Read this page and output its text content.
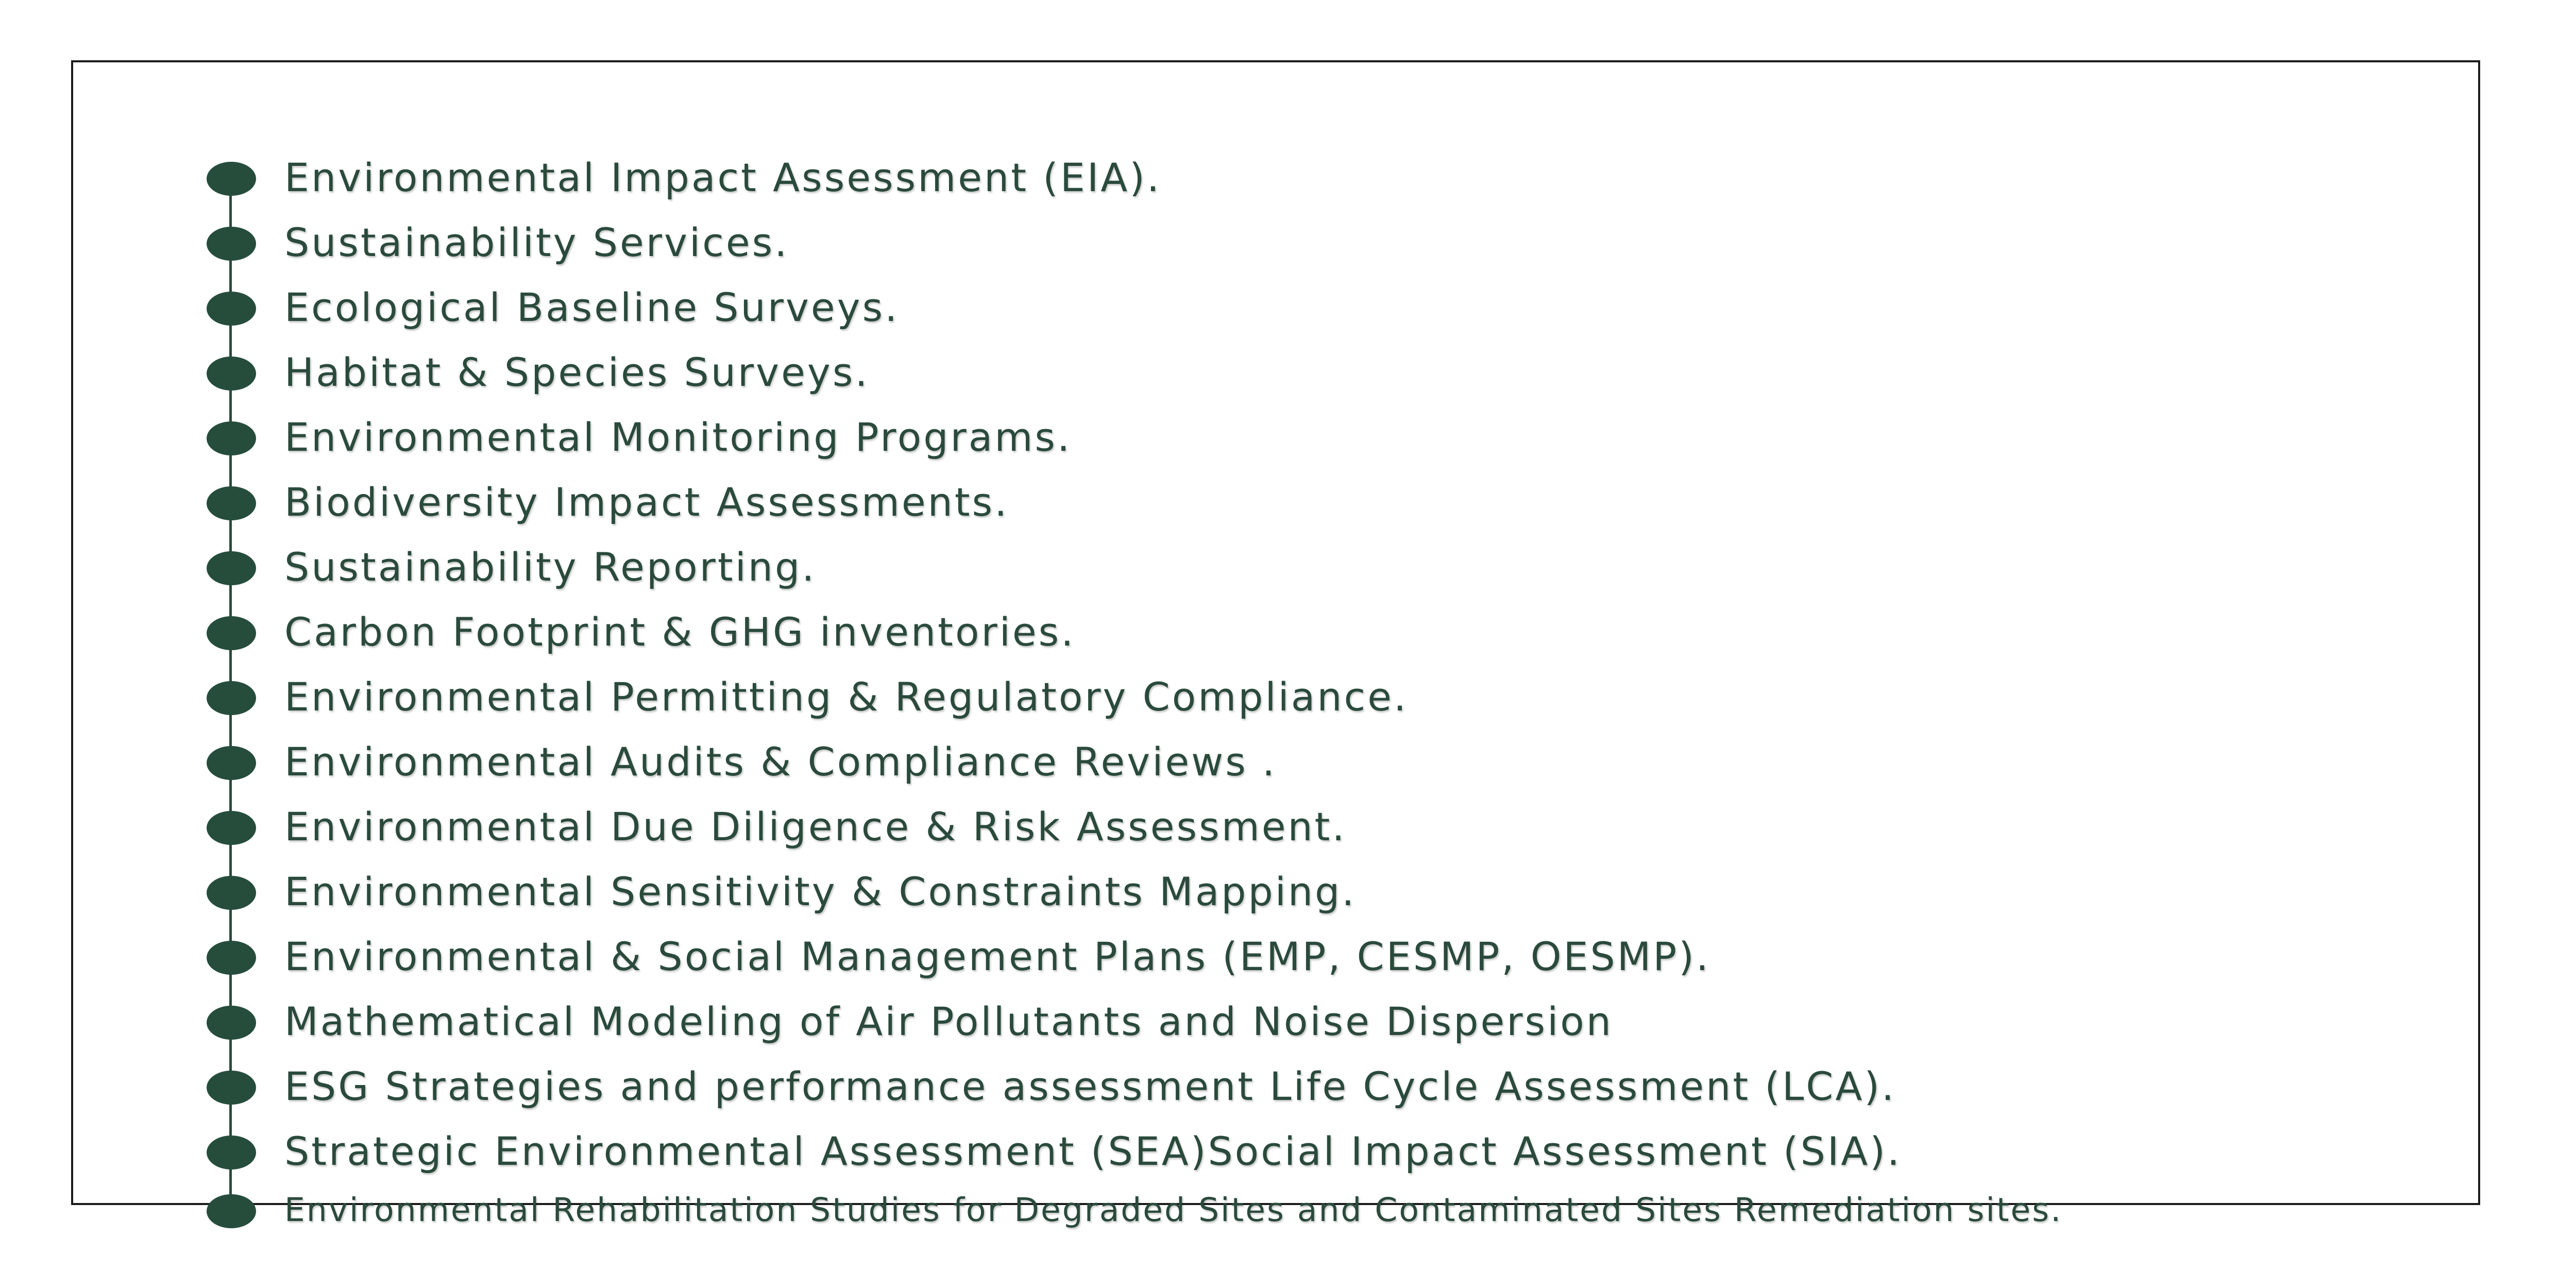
Environmental Impact Assessment (EIA).
Sustainability Services.
Ecological Baseline Surveys.
Habitat & Species Surveys.
Environmental Monitoring Programs.
Biodiversity Impact Assessments.
Sustainability Reporting.
Carbon Footprint & GHG inventories.
Environmental Permitting & Regulatory Compliance.
Environmental Audits & Compliance Reviews .
Environmental Due Diligence & Risk Assessment.
Environmental Sensitivity & Constraints Mapping.
Environmental & Social Management Plans (EMP, CESMP, OESMP).
Mathematical Modeling of Air Pollutants and Noise Dispersion
ESG Strategies and performance assessment Life Cycle Assessment (LCA).
Strategic Environmental Assessment (SEA)Social Impact Assessment (SIA).
Environmental Rehabilitation Studies for Degraded Sites and Contaminated Sites Remediation sites.
